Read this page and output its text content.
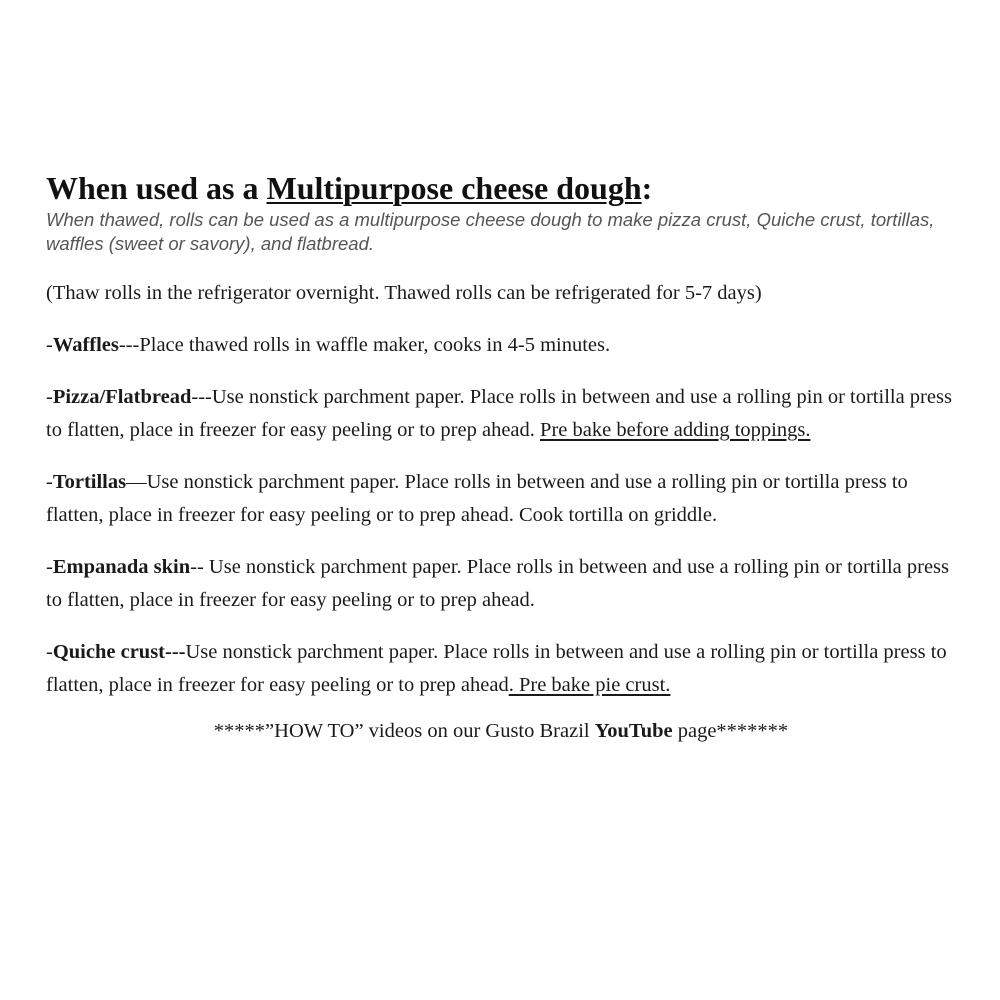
When used as a Multipurpose cheese dough:

When thawed, rolls can be used as a multipurpose cheese dough to make pizza crust, Quiche crust, tortillas, waffles (sweet or savory), and flatbread.

(Thaw rolls in the refrigerator overnight. Thawed rolls can be refrigerated for 5-7 days)

-Waffles---Place thawed rolls in waffle maker, cooks in 4-5 minutes.

-Pizza/Flatbread---Use nonstick parchment paper. Place rolls in between and use a rolling pin or tortilla press to flatten, place in freezer for easy peeling or to prep ahead. Pre bake before adding toppings.

-Tortillas—Use nonstick parchment paper. Place rolls in between and use a rolling pin or tortilla press to flatten, place in freezer for easy peeling or to prep ahead. Cook tortilla on griddle.

-Empanada skin-- Use nonstick parchment paper. Place rolls in between and use a rolling pin or tortilla press to flatten, place in freezer for easy peeling or to prep ahead.

-Quiche crust---Use nonstick parchment paper. Place rolls in between and use a rolling pin or tortilla press to flatten, place in freezer for easy peeling or to prep ahead. Pre bake pie crust.

*****”HOW TO” videos on our Gusto Brazil YouTube page*******
